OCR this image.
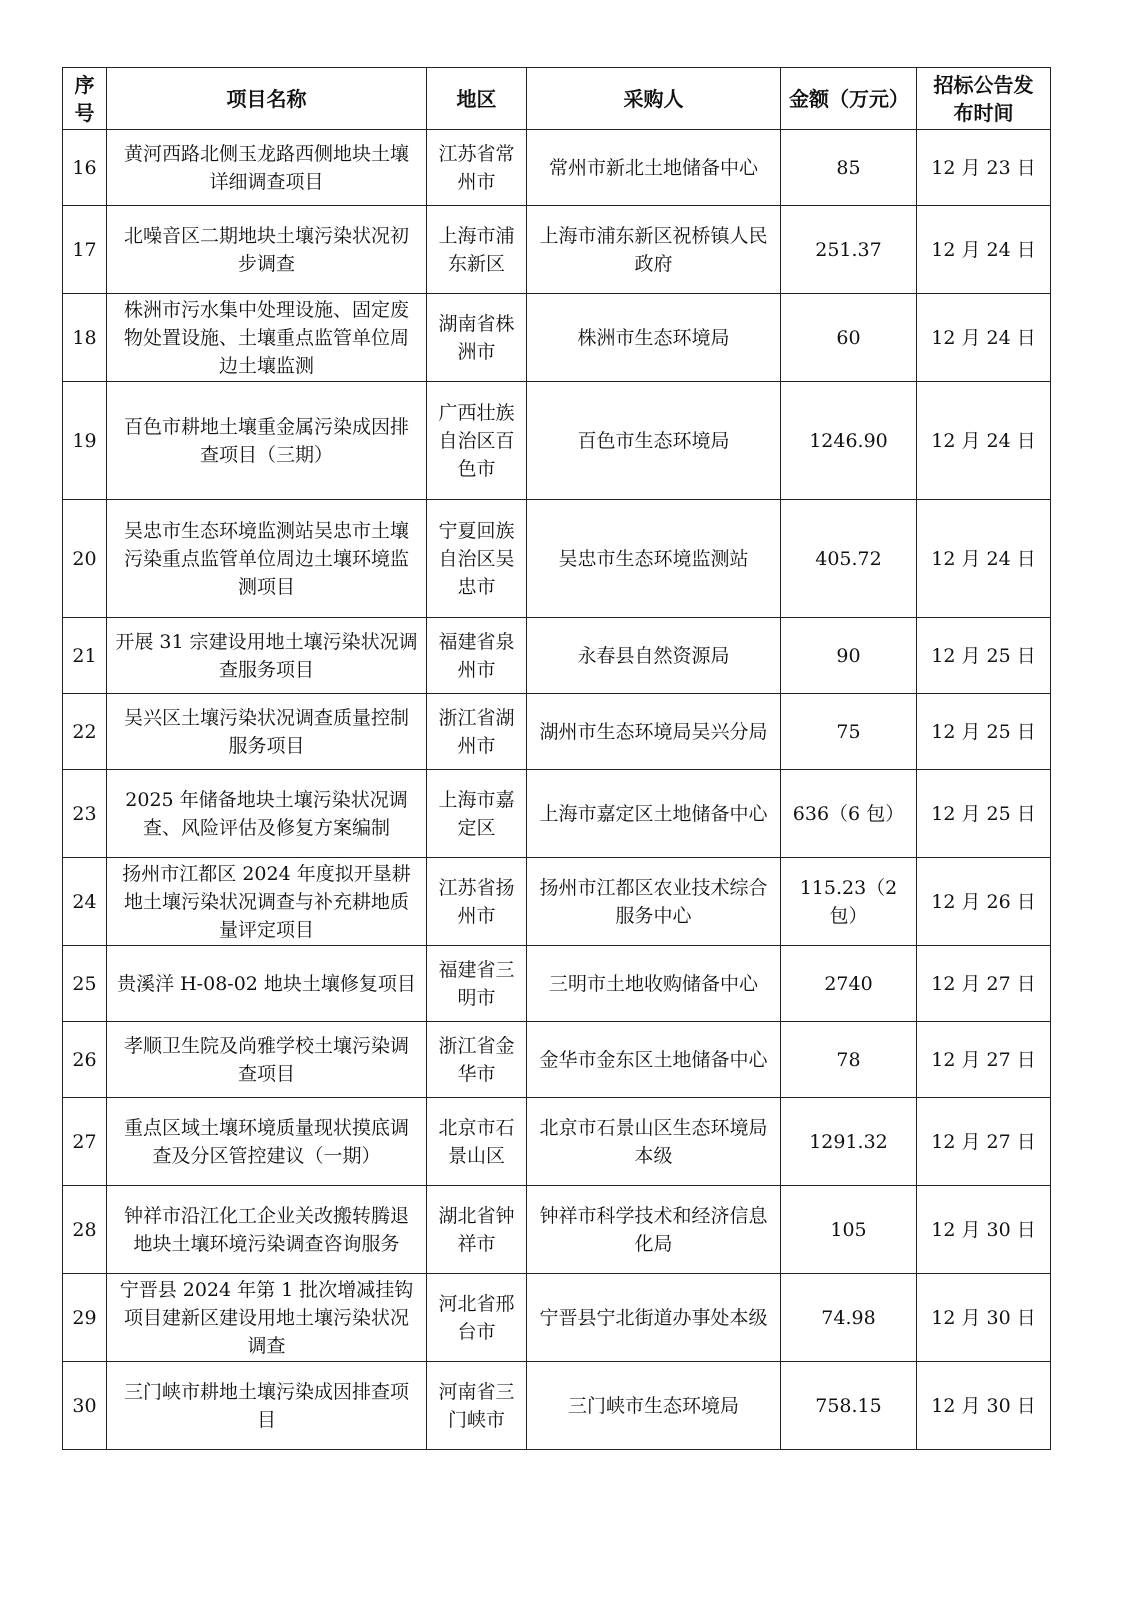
序号	项目名称	地区	采购人	金额（万元）	招标公告发布时间
16	黄河西路北侧玉龙路西侧地块土壤详细调查项目	江苏省常州市	常州市新北土地储备中心	85	12 月 23 日
17	北噪音区二期地块土壤污染状况初步调查	上海市浦东新区	上海市浦东新区祝桥镇人民政府	251.37	12 月 24 日
18	株洲市污水集中处理设施、固定废物处置设施、土壤重点监管单位周边土壤监测	湖南省株洲市	株洲市生态环境局	60	12 月 24 日
19	百色市耕地土壤重金属污染成因排查项目（三期）	广西壮族自治区百色市	百色市生态环境局	1246.90	12 月 24 日
20	吴忠市生态环境监测站吴忠市土壤污染重点监管单位周边土壤环境监测项目	宁夏回族自治区吴忠市	吴忠市生态环境监测站	405.72	12 月 24 日
21	开展 31 宗建设用地土壤污染状况调查服务项目	福建省泉州市	永春县自然资源局	90	12 月 25 日
22	吴兴区土壤污染状况调查质量控制服务项目	浙江省湖州市	湖州市生态环境局吴兴分局	75	12 月 25 日
23	2025 年储备地块土壤污染状况调查、风险评估及修复方案编制	上海市嘉定区	上海市嘉定区土地储备中心	636（6 包）	12 月 25 日
24	扬州市江都区 2024 年度拟开垦耕地土壤污染状况调查与补充耕地质量评定项目	江苏省扬州市	扬州市江都区农业技术综合服务中心	115.23（2 包）	12 月 26 日
25	贵溪洋 H-08-02 地块土壤修复项目	福建省三明市	三明市土地收购储备中心	2740	12 月 27 日
26	孝顺卫生院及尚雅学校土壤污染调查项目	浙江省金华市	金华市金东区土地储备中心	78	12 月 27 日
27	重点区域土壤环境质量现状摸底调查及分区管控建议（一期）	北京市石景山区	北京市石景山区生态环境局本级	1291.32	12 月 27 日
28	钟祥市沿江化工企业关改搬转腾退地块土壤环境污染调查咨询服务	湖北省钟祥市	钟祥市科学技术和经济信息化局	105	12 月 30 日
29	宁晋县 2024 年第 1 批次增减挂钩项目建新区建设用地土壤污染状况调查	河北省邢台市	宁晋县宁北街道办事处本级	74.98	12 月 30 日
30	三门峡市耕地土壤污染成因排查项目	河南省三门峡市	三门峡市生态环境局	758.15	12 月 30 日
